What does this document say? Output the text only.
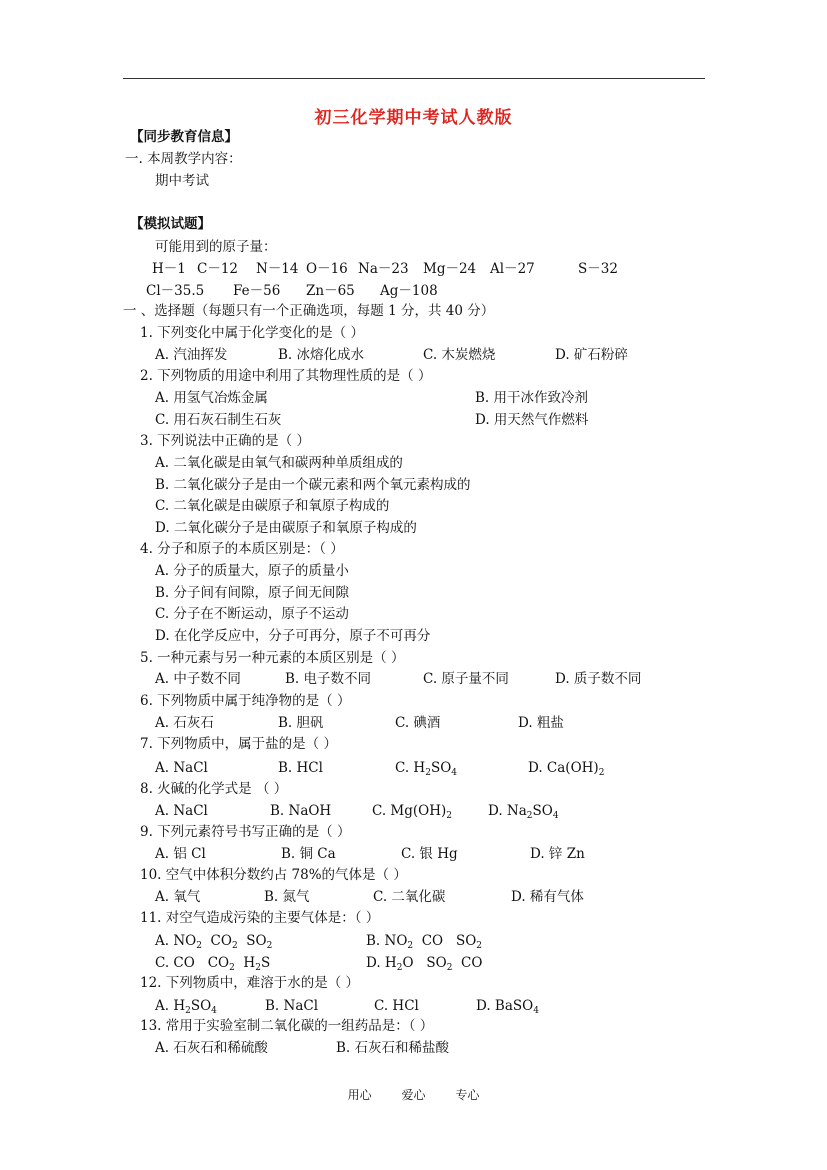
初三化学期中考试人教版
【同步教育信息】
一. 本周教学内容：
期中考试
【模拟试题】
可能用到的原子量：
H－1 C－12 N－14 O－16 Na－23 Mg－24 Al－27	S－32
Cl－35.5 Fe－56 Zn－65 Ag－108
一 、选择题（每题只有一个正确选项，每题 1 分，共 40 分）
1. 下列变化中属于化学变化的是（ ）
A. 汽油挥发	B. 冰熔化成水	C. 木炭燃烧	D. 矿石粉碎
2. 下列物质的用途中利用了其物理性质的是（ ）
A. 用氢气冶炼金属	B. 用干冰作致冷剂
C. 用石灰石制生石灰	D. 用天然气作燃料
3. 下列说法中正确的是（ ）
A. 二氧化碳是由氧气和碳两种单质组成的
B. 二氧化碳分子是由一个碳元素和两个氧元素构成的
C. 二氧化碳是由碳原子和氧原子构成的
D. 二氧化碳分子是由碳原子和氧原子构成的
4. 分子和原子的本质区别是：（ ）
A. 分子的质量大，原子的质量小
B. 分子间有间隙，原子间无间隙
C. 分子在不断运动，原子不运动
D. 在化学反应中，分子可再分，原子不可再分
5. 一种元素与另一种元素的本质区别是（ ）
A. 中子数不同	B. 电子数不同	C. 原子量不同	D. 质子数不同
6. 下列物质中属于纯净物的是（ ）
A. 石灰石	B. 胆矾	C. 碘酒	D. 粗盐
7. 下列物质中，属于盐的是（ ）
A. NaCl	B. HCl	C. $H_2SO_4$	D. $Ca(OH)_2$
8. 火碱的化学式是 （ ）
A. NaCl	B. NaOH	C. $Mg(OH)_2$	D. $Na_2SO_4$
9. 下列元素符号书写正确的是（ ）
A. 铝 Cl	B. 铜 Ca	C. 银 Hg	D. 锌 Zn
10. 空气中体积分数约占 78%的气体是（ ）
A. 氧气	B. 氮气	C. 二氧化碳	D. 稀有气体
11. 对空气造成污染的主要气体是：（ ）
A. $NO_2$  $CO_2$  $SO_2$	B. $NO_2$  CO   $SO_2$
C. CO   $CO_2$  $H_2S$	D. $H_2O$   $SO_2$  CO
12. 下列物质中，难溶于水的是（ ）
A. $H_2SO_4$	B. NaCl	C. HCl	D. BaSO$_4$
13. 常用于实验室制二氧化碳的一组药品是：（ ）
A. 石灰石和稀硫酸	B. 石灰石和稀盐酸
用心 爱心 专心
